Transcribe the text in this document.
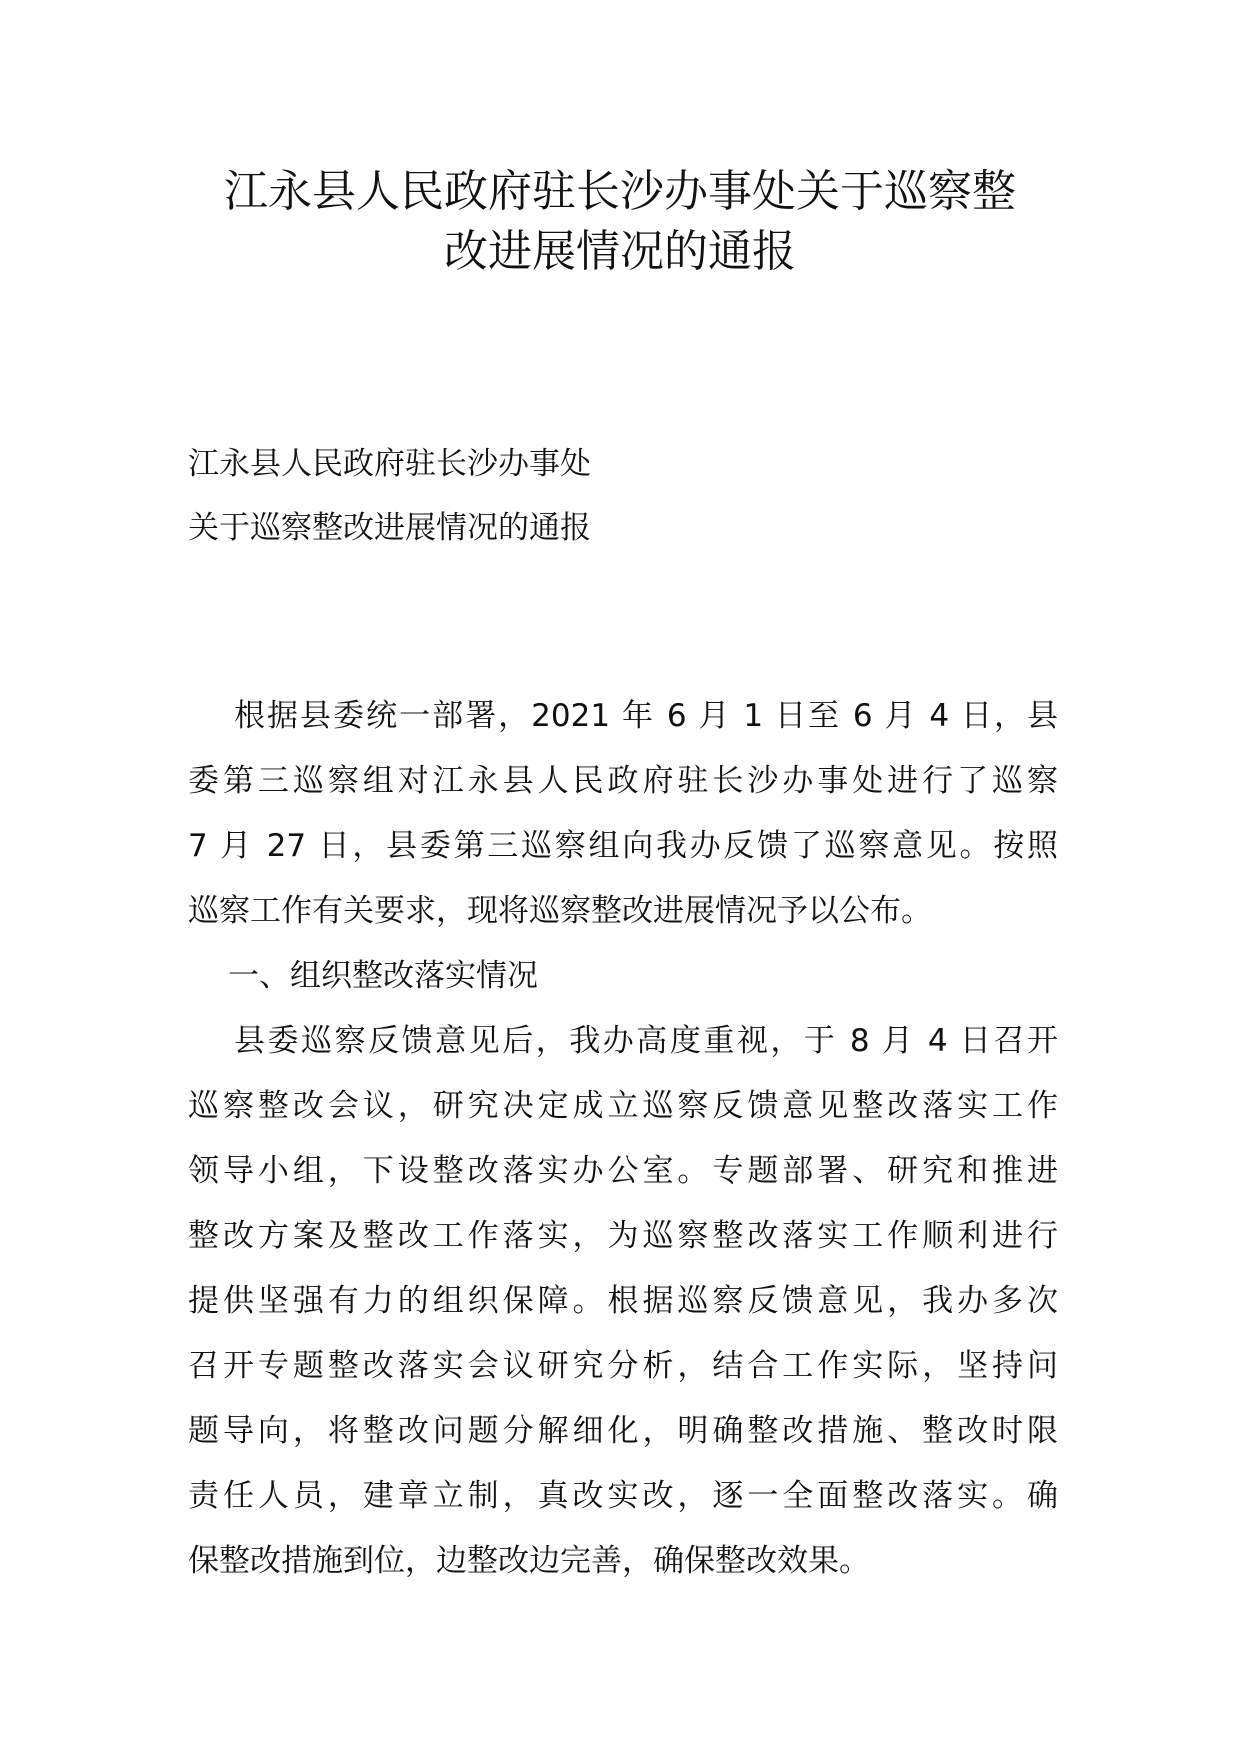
江永县人民政府驻长沙办事处关于巡察整
改进展情况的通报
江永县人民政府驻长沙办事处
关于巡察整改进展情况的通报
根据县委统一部署，2021 年 6 月 1 日至 6 月 4 日，县
委第三巡察组对江永县人民政府驻长沙办事处进行了巡察
7 月 27 日，县委第三巡察组向我办反馈了巡察意见。按照
巡察工作有关要求，现将巡察整改进展情况予以公布。
一、组织整改落实情况
县委巡察反馈意见后，我办高度重视，于 8 月 4 日召开
巡察整改会议，研究决定成立巡察反馈意见整改落实工作
领导小组，下设整改落实办公室。专题部署、研究和推进
整改方案及整改工作落实，为巡察整改落实工作顺利进行
提供坚强有力的组织保障。根据巡察反馈意见，我办多次
召开专题整改落实会议研究分析，结合工作实际，坚持问
题导向，将整改问题分解细化，明确整改措施、整改时限
责任人员，建章立制，真改实改，逐一全面整改落实。确
保整改措施到位，边整改边完善，确保整改效果。
